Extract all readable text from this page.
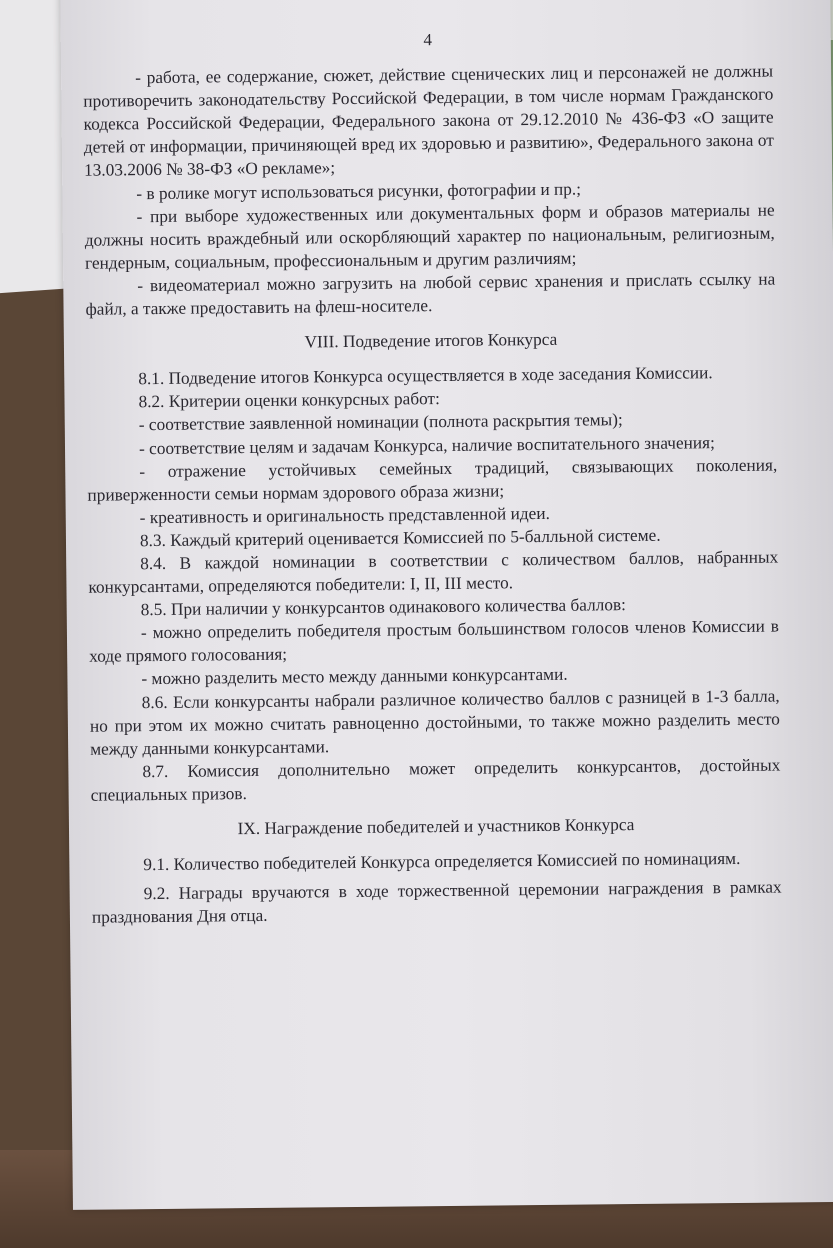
4

- работа, ее содержание, сюжет, действие сценических лиц и персонажей не должны противоречить законодательству Российской Федерации, в том числе нормам Гражданского кодекса Российской Федерации, Федерального закона от 29.12.2010 № 436-ФЗ «О защите детей от информации, причиняющей вред их здоровью и развитию», Федерального закона от 13.03.2006 № 38-ФЗ «О рекламе»;

- в ролике могут использоваться рисунки, фотографии и пр.;

- при выборе художественных или документальных форм и образов материалы не должны носить враждебный или оскорбляющий характер по национальным, религиозным, гендерным, социальным, профессиональным и другим различиям;

- видеоматериал можно загрузить на любой сервис хранения и прислать ссылку на файл, а также предоставить на флеш-носителе.

VIII. Подведение итогов Конкурса

8.1. Подведение итогов Конкурса осуществляется в ходе заседания Комиссии.

8.2. Критерии оценки конкурсных работ:

- соответствие заявленной номинации (полнота раскрытия темы);

- соответствие целям и задачам Конкурса, наличие воспитательного значения;

- отражение устойчивых семейных традиций, связывающих поколения, приверженности семьи нормам здорового образа жизни;

- креативность и оригинальность представленной идеи.

8.3. Каждый критерий оценивается Комиссией по 5-балльной системе.

8.4. В каждой номинации в соответствии с количеством баллов, набранных конкурсантами, определяются победители: I, II, III место.

8.5. При наличии у конкурсантов одинакового количества баллов:

- можно определить победителя простым большинством голосов членов Комиссии в ходе прямого голосования;

- можно разделить место между данными конкурсантами.

8.6. Если конкурсанты набрали различное количество баллов с разницей в 1-3 балла, но при этом их можно считать равноценно достойными, то также можно разделить место между данными конкурсантами.

8.7. Комиссия дополнительно может определить конкурсантов, достойных специальных призов.

IX. Награждение победителей и участников Конкурса

9.1. Количество победителей Конкурса определяется Комиссией по номинациям.

9.2. Награды вручаются в ходе торжественной церемонии награждения в рамках празднования Дня отца.
